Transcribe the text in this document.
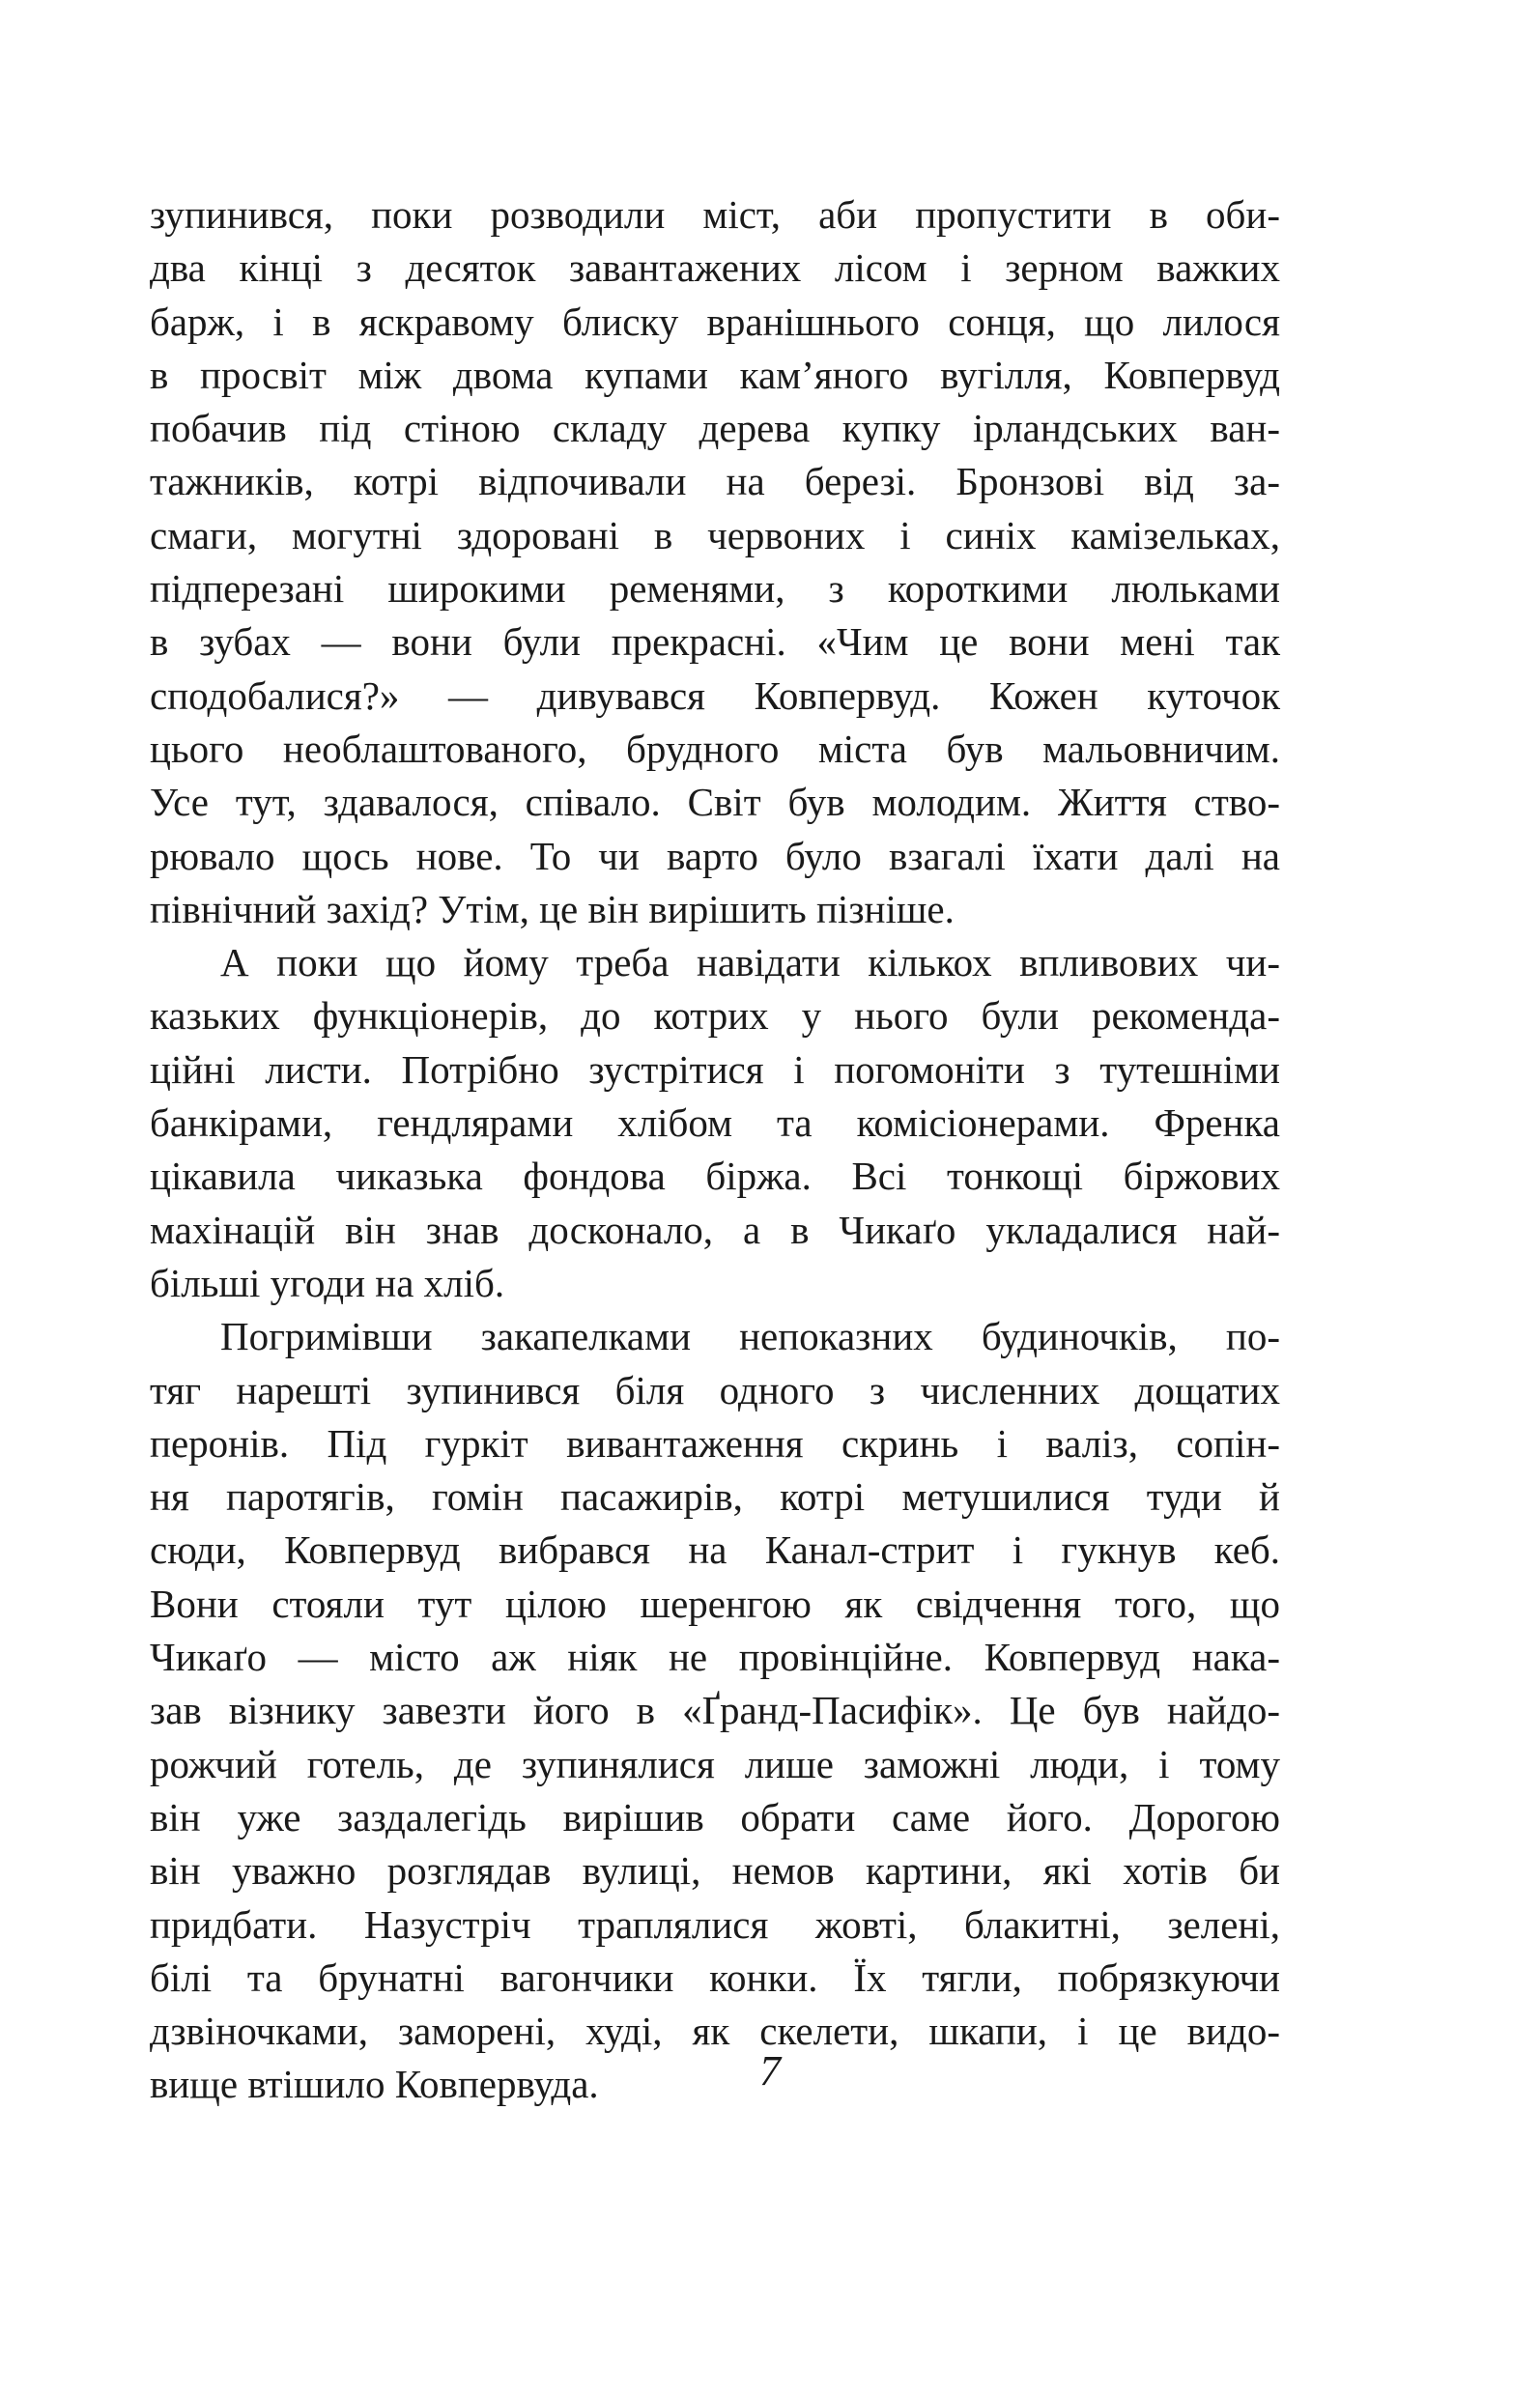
зупинився, поки розводили міст, аби пропустити в оби-
два кінці з десяток завантажених лісом і зерном важких
барж, і в яскравому блиску вранішнього сонця, що лилося
в просвіт між двома купами кам’яного вугілля, Ковпервуд
побачив під стіною складу дерева купку ірландських ван-
тажників, котрі відпочивали на березі. Бронзові від за-
смаги, могутні здоровані в червоних і синіх камізельках,
підперезані широкими ременями, з короткими люльками
в зубах — вони були прекрасні. «Чим це вони мені так
сподобалися?» — дивувався Ковпервуд. Кожен куточок
цього необлаштованого, брудного міста був мальовничим.
Усе тут, здавалося, співало. Світ був молодим. Життя ство-
рювало щось нове. То чи варто було взагалі їхати далі на
північний захід? Утім, це він вирішить пізніше.
А поки що йому треба навідати кількох впливових чи-
казьких функціонерів, до котрих у нього були рекоменда-
ційні листи. Потрібно зустрітися і погомоніти з тутешніми
банкірами, гендлярами хлібом та комісіонерами. Френка
цікавила чиказька фондова біржа. Всі тонкощі біржових
махінацій він знав досконало, а в Чикаґо укладалися най-
більші угоди на хліб.
Погримівши закапелками непоказних будиночків, по-
тяг нарешті зупинився біля одного з численних дощатих
перонів. Під гуркіт вивантаження скринь і валіз, сопін-
ня паротягів, гомін пасажирів, котрі метушилися туди й
сюди, Ковпервуд вибрався на Канал-стрит і гукнув кеб.
Вони стояли тут цілою шеренгою як свідчення того, що
Чикаґо — місто аж ніяк не провінційне. Ковпервуд нака-
зав візнику завезти його в «Ґранд-Пасифік». Це був найдо-
рожчий готель, де зупинялися лише заможні люди, і тому
він уже заздалегідь вирішив обрати саме його. Дорогою
він уважно розглядав вулиці, немов картини, які хотів би
придбати. Назустріч траплялися жовті, блакитні, зелені,
білі та брунатні вагончики конки. Їх тягли, побрязкуючи
дзвіночками, заморені, худі, як скелети, шкапи, і це видо-
вище втішило Ковпервуда.	7
